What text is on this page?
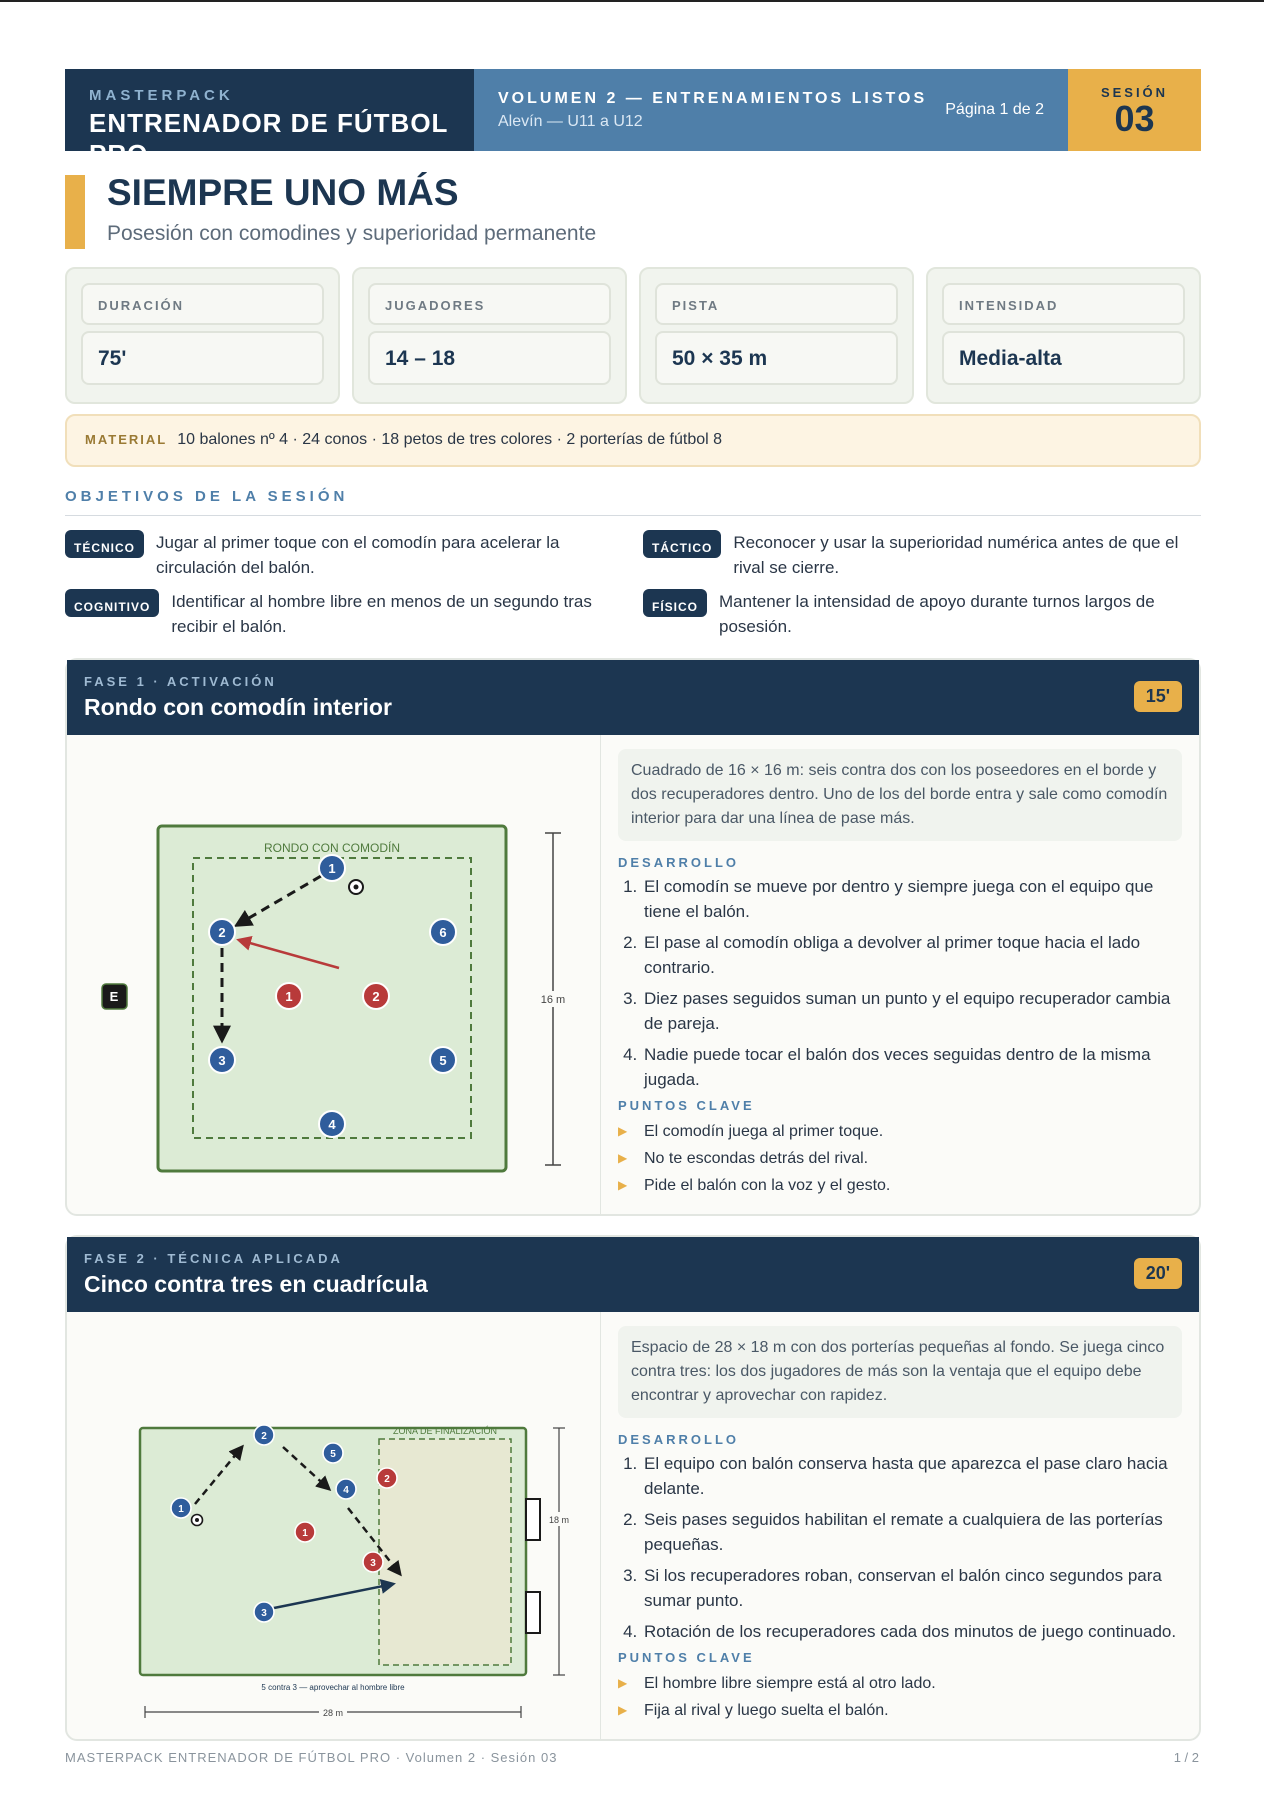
MASTERPACK
ENTRENADOR DE FÚTBOL PRO
VOLUMEN 2 — ENTRENAMIENTOS LISTOS
Alevín — U11 a U12
Página 1 de 2
SESIÓN
03
SIEMPRE UNO MÁS
Posesión con comodines y superioridad permanente
DURACIÓN
75'
JUGADORES
14 – 18
PISTA
50 × 35 m
INTENSIDAD
Media-alta
MATERIAL 10 balones nº 4 · 24 conos · 18 petos de tres colores · 2 porterías de fútbol 8
OBJETIVOS DE LA SESIÓN
TÉCNICO	Jugar al primer toque con el comodín para acelerar la circulación del balón.
TÁCTICO	Reconocer y usar la superioridad numérica antes de que el rival se cierre.
COGNITIVO	Identificar al hombre libre en menos de un segundo tras recibir el balón.
FÍSICO	Mantener la intensidad de apoyo durante turnos largos de posesión.
FASE 1 · ACTIVACIÓN
Rondo con comodín interior	15'
RONDO CON COMODÍN
16 m
1
2
3
4
5
6
1	2
E
Cuadrado de 16 × 16 m: seis contra dos con los poseedores en el borde y dos recuperadores dentro. Uno de los del borde entra y sale como comodín interior para dar una línea de pase más.
DESARROLLO
1. El comodín se mueve por dentro y siempre juega con el equipo que tiene el balón.
2. El pase al comodín obliga a devolver al primer toque hacia el lado contrario.
3. Diez pases seguidos suman un punto y el equipo recuperador cambia de pareja.
4. Nadie puede tocar el balón dos veces seguidas dentro de la misma jugada.
PUNTOS CLAVE
▶ El comodín juega al primer toque.
▶ No te escondas detrás del rival.
▶ Pide el balón con la voz y el gesto.
FASE 2 · TÉCNICA APLICADA
Cinco contra tres en cuadrícula	20'
ZONA DE FINALIZACIÓN
18 m
28 m
5 contra 3 — aprovechar al hombre libre
1
2
3
4
5
1
2
3
Espacio de 28 × 18 m con dos porterías pequeñas al fondo. Se juega cinco contra tres: los dos jugadores de más son la ventaja que el equipo debe encontrar y aprovechar con rapidez.
DESARROLLO
1. El equipo con balón conserva hasta que aparezca el pase claro hacia delante.
2. Seis pases seguidos habilitan el remate a cualquiera de las porterías pequeñas.
3. Si los recuperadores roban, conservan el balón cinco segundos para sumar punto.
4. Rotación de los recuperadores cada dos minutos de juego continuado.
PUNTOS CLAVE
▶ El hombre libre siempre está al otro lado.
▶ Fija al rival y luego suelta el balón.
MASTERPACK ENTRENADOR DE FÚTBOL PRO · Volumen 2 · Sesión 03	1 / 2
